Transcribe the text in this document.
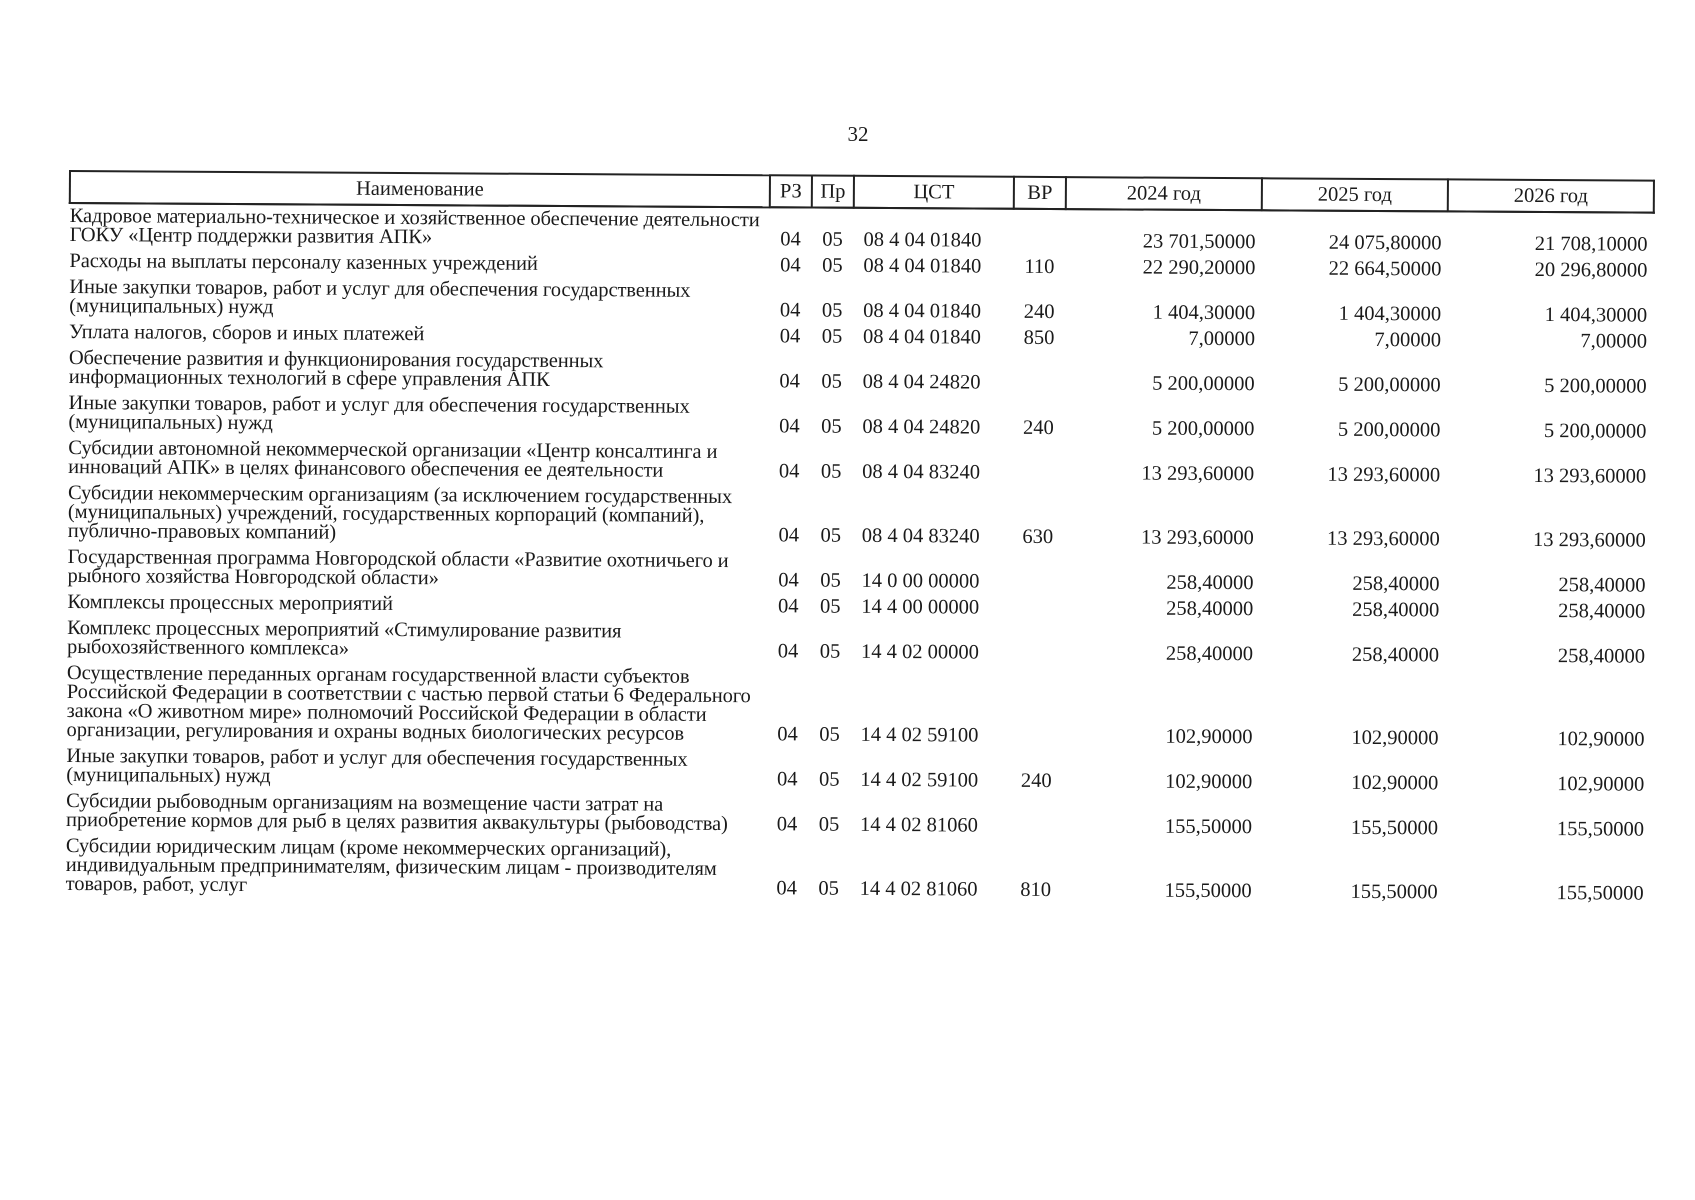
32
Наименование	РЗ	Пр	ЦСТ	ВР	2024 год	2025 год	2026 год
Кадровое материально-техническое и хозяйственное обеспечение деятельности ГОКУ «Центр поддержки развития АПК»	04	05	08 4 04 01840		23 701,50000	24 075,80000	21 708,10000
Расходы на выплаты персоналу казенных учреждений	04	05	08 4 04 01840	110	22 290,20000	22 664,50000	20 296,80000
Иные закупки товаров, работ и услуг для обеспечения государственных (муниципальных) нужд	04	05	08 4 04 01840	240	1 404,30000	1 404,30000	1 404,30000
Уплата налогов, сборов и иных платежей	04	05	08 4 04 01840	850	7,00000	7,00000	7,00000
Обеспечение развития и функционирования государственных информационных технологий в сфере управления АПК	04	05	08 4 04 24820		5 200,00000	5 200,00000	5 200,00000
Иные закупки товаров, работ и услуг для обеспечения государственных (муниципальных) нужд	04	05	08 4 04 24820	240	5 200,00000	5 200,00000	5 200,00000
Субсидии автономной некоммерческой организации «Центр консалтинга и инноваций АПК» в целях финансового обеспечения ее деятельности	04	05	08 4 04 83240		13 293,60000	13 293,60000	13 293,60000
Субсидии некоммерческим организациям (за исключением государственных (муниципальных) учреждений, государственных корпораций (компаний), публично-правовых компаний)	04	05	08 4 04 83240	630	13 293,60000	13 293,60000	13 293,60000
Государственная программа Новгородской области «Развитие охотничьего и рыбного хозяйства Новгородской области»	04	05	14 0 00 00000		258,40000	258,40000	258,40000
Комплексы процессных мероприятий	04	05	14 4 00 00000		258,40000	258,40000	258,40000
Комплекс процессных мероприятий «Стимулирование развития рыбохозяйственного комплекса»	04	05	14 4 02 00000		258,40000	258,40000	258,40000
Осуществление переданных органам государственной власти субъектов Российской Федерации в соответствии с частью первой статьи 6 Федерального закона «О животном мире» полномочий Российской Федерации в области организации, регулирования и охраны водных биологических ресурсов	04	05	14 4 02 59100		102,90000	102,90000	102,90000
Иные закупки товаров, работ и услуг для обеспечения государственных (муниципальных) нужд	04	05	14 4 02 59100	240	102,90000	102,90000	102,90000
Субсидии рыбоводным организациям на возмещение части затрат на приобретение кормов для рыб в целях развития аквакультуры (рыбоводства)	04	05	14 4 02 81060		155,50000	155,50000	155,50000
Субсидии юридическим лицам (кроме некоммерческих организаций), индивидуальным предпринимателям, физическим лицам - производителям товаров, работ, услуг	04	05	14 4 02 81060	810	155,50000	155,50000	155,50000
